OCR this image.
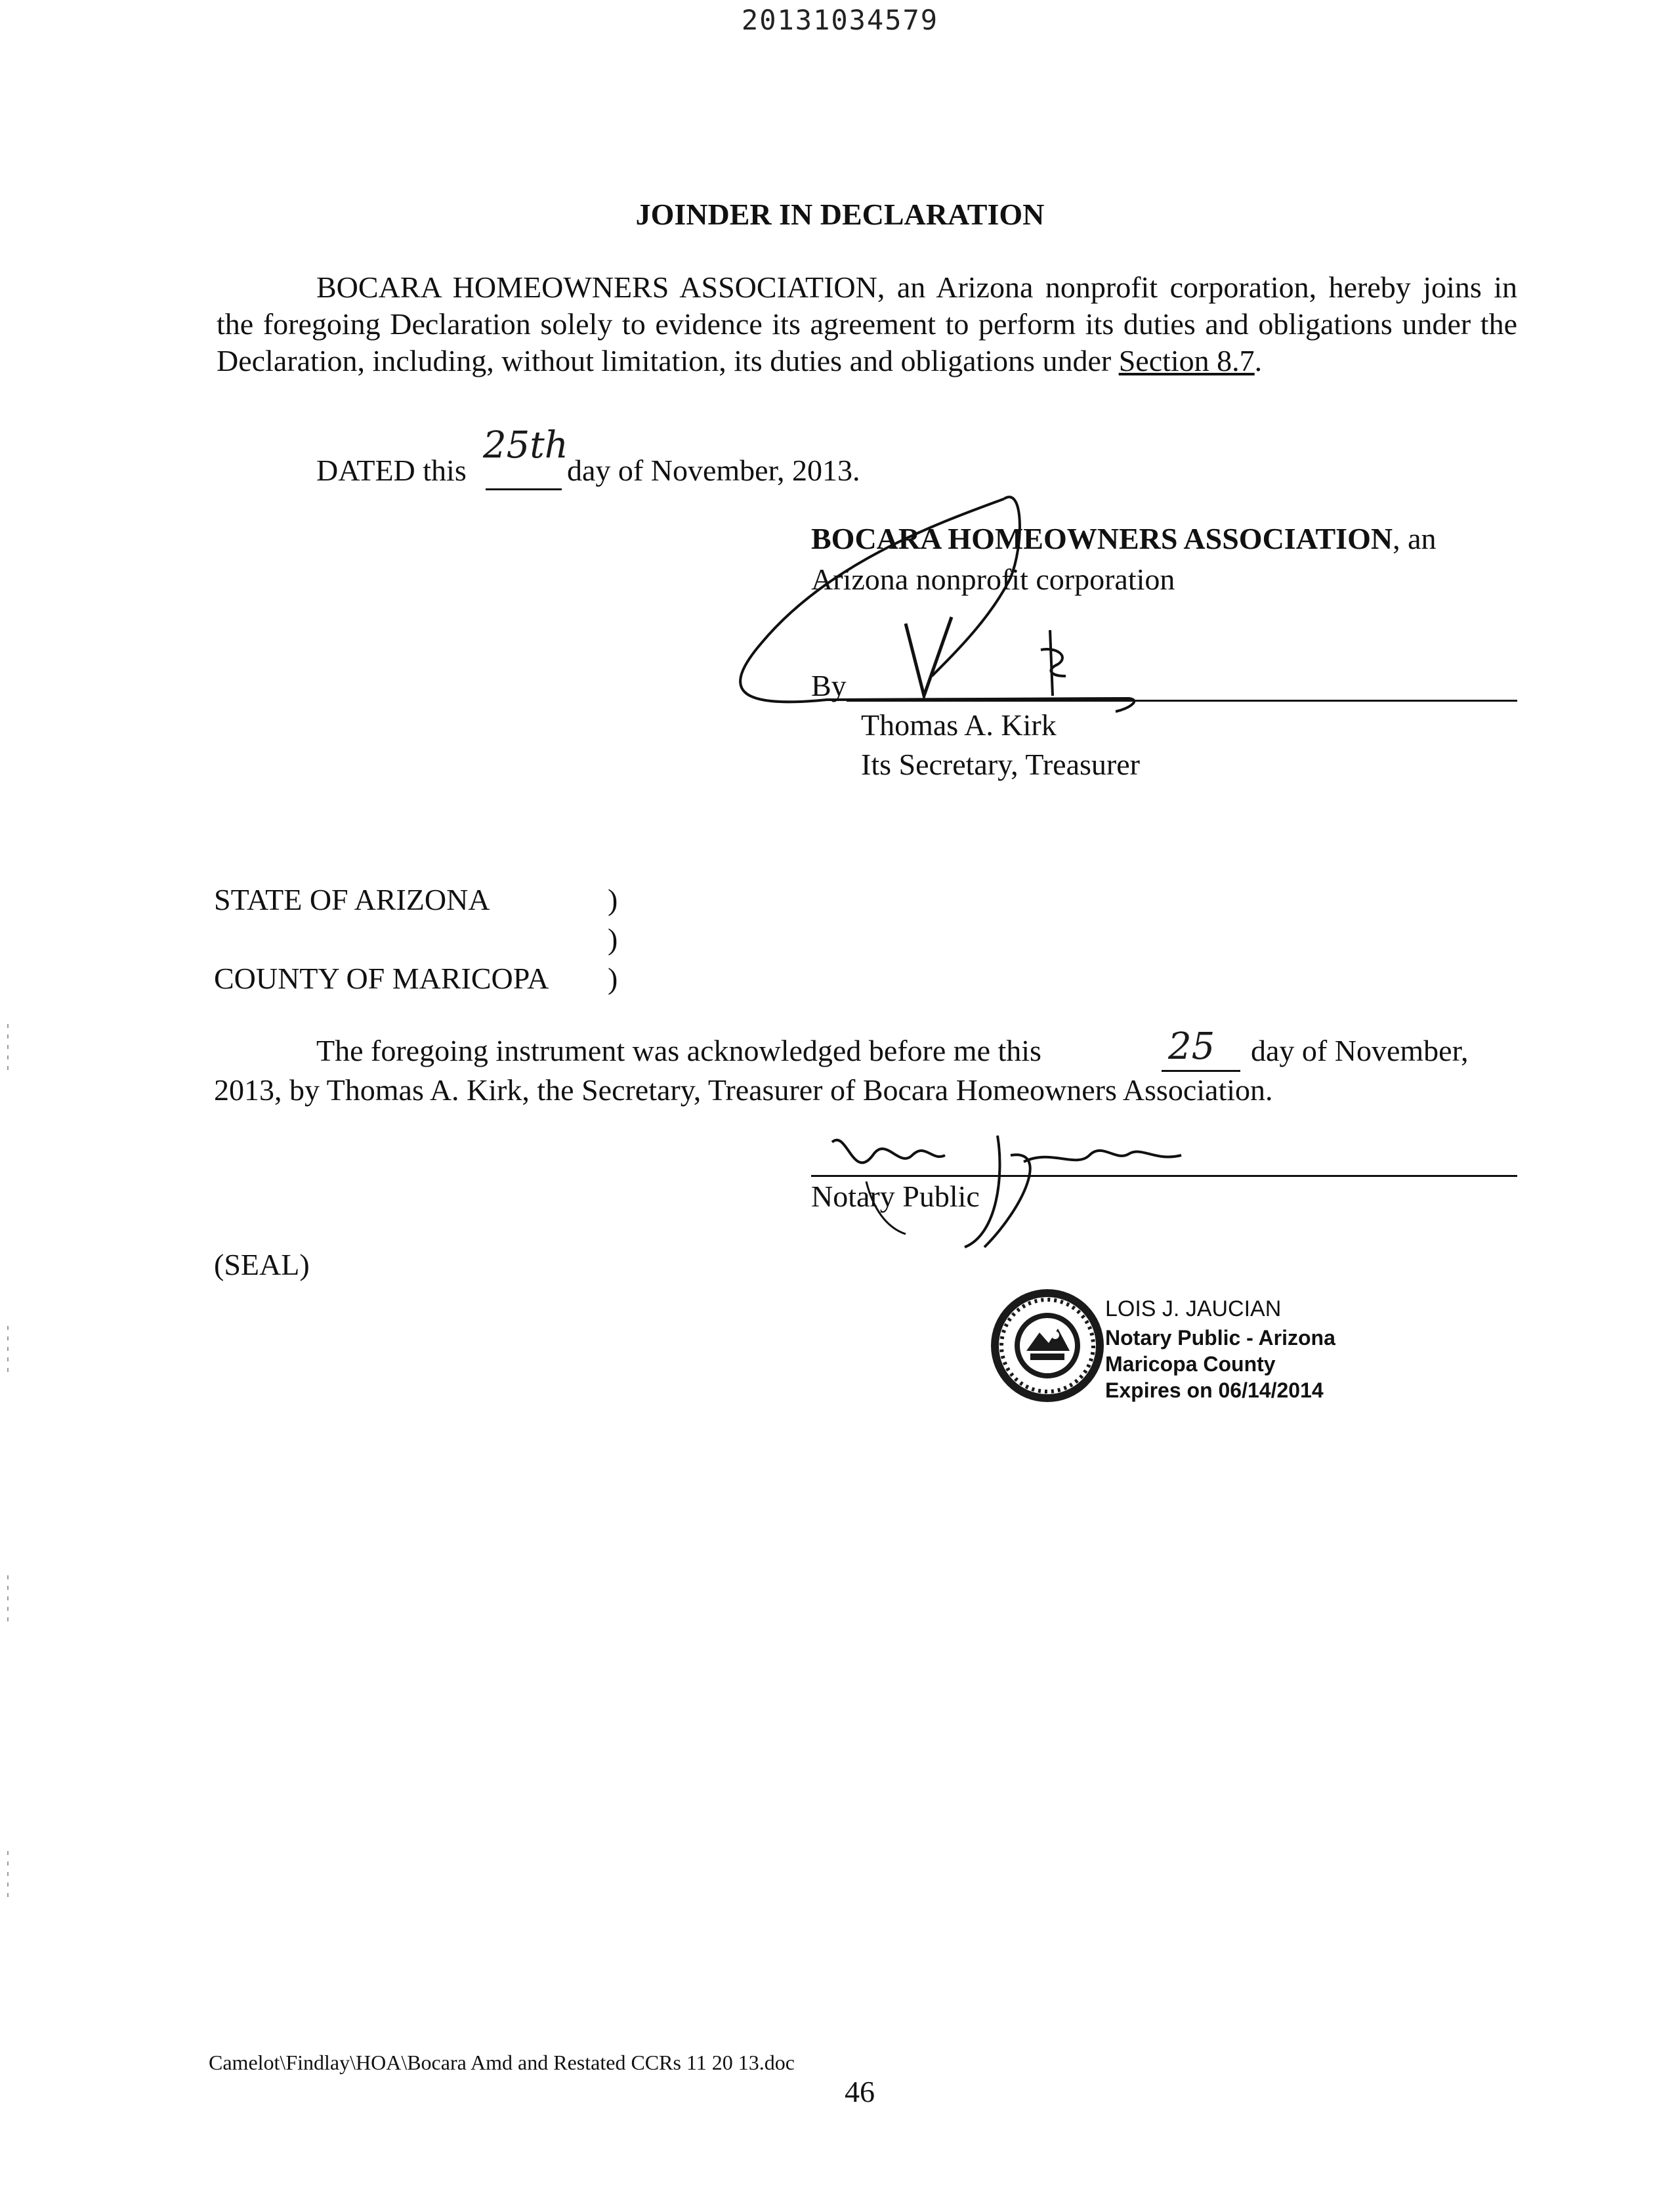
20131034579
JOINDER IN DECLARATION
BOCARA HOMEOWNERS ASSOCIATION, an Arizona nonprofit corporation, hereby joins in the foregoing Declaration solely to evidence its agreement to perform its duties and obligations under the Declaration, including, without limitation, its duties and obligations under Section 8.7.
DATED this
25th
day of November, 2013.
BOCARA HOMEOWNERS ASSOCIATION, an
Arizona nonprofit corporation
By
Thomas A. Kirk
Its Secretary, Treasurer
STATE OF ARIZONA	)
)
COUNTY OF MARICOPA )
The foregoing instrument was acknowledged before me this	25 day of November,
2013, by Thomas A. Kirk, the Secretary, Treasurer of Bocara Homeowners Association.
Notary Public
(SEAL)
LOIS J. JAUCIAN
Notary Public - Arizona
Maricopa County
Expires on 06/14/2014
Camelot\Findlay\HOA\Bocara Amd and Restated CCRs 11 20 13.doc
46
